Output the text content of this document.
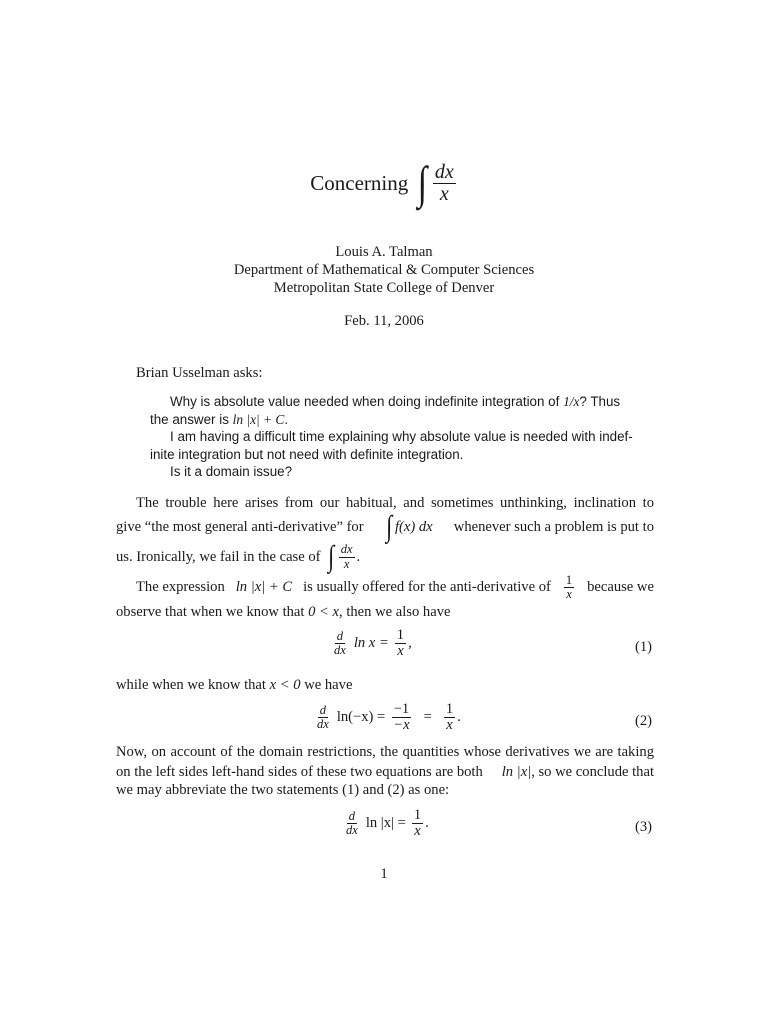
Concerning ∫ $\frac{dx}{x}$
Louis A. Talman
Department of Mathematical & Computer Sciences
Metropolitan State College of Denver
Feb. 11, 2006
Brian Usselman asks:
Why is absolute value needed when doing indefinite integration of 1/x? Thus
the answer is ln |x| + C.
I am having a difficult time explaining why absolute value is needed with indef-
inite integration but not need with definite integration.
Is it a domain issue?
The trouble here arises from our habitual, and sometimes unthinking, inclination to
give “the most general anti-derivative” for ∫ f(x) dx whenever such a problem is put to
us. Ironically, we fail in the case of ∫ $\frac{dx}{x}$ .
The expression ln |x| + C is usually offered for the anti-derivative of $\frac{1}{x}$ because we
observe that when we know that 0 < x, then we also have
$\frac{d}{dx}$ $\ln x = \frac{1}{x}$ ,	(1)
while when we know that x < 0 we have
$\frac{d}{dx} \ln(-x) = \frac{-1}{-x} = \frac{1}{x}$ .	(2)
Now, on account of the domain restrictions, the quantities whose derivatives we are taking
on the left sides left-hand sides of these two equations are both ln |x|, so we conclude that
we may abbreviate the two statements (1) and (2) as one:
$\frac{d}{dx}$ $\ln |x| = \frac{1}{x}$ .	(3)
1
